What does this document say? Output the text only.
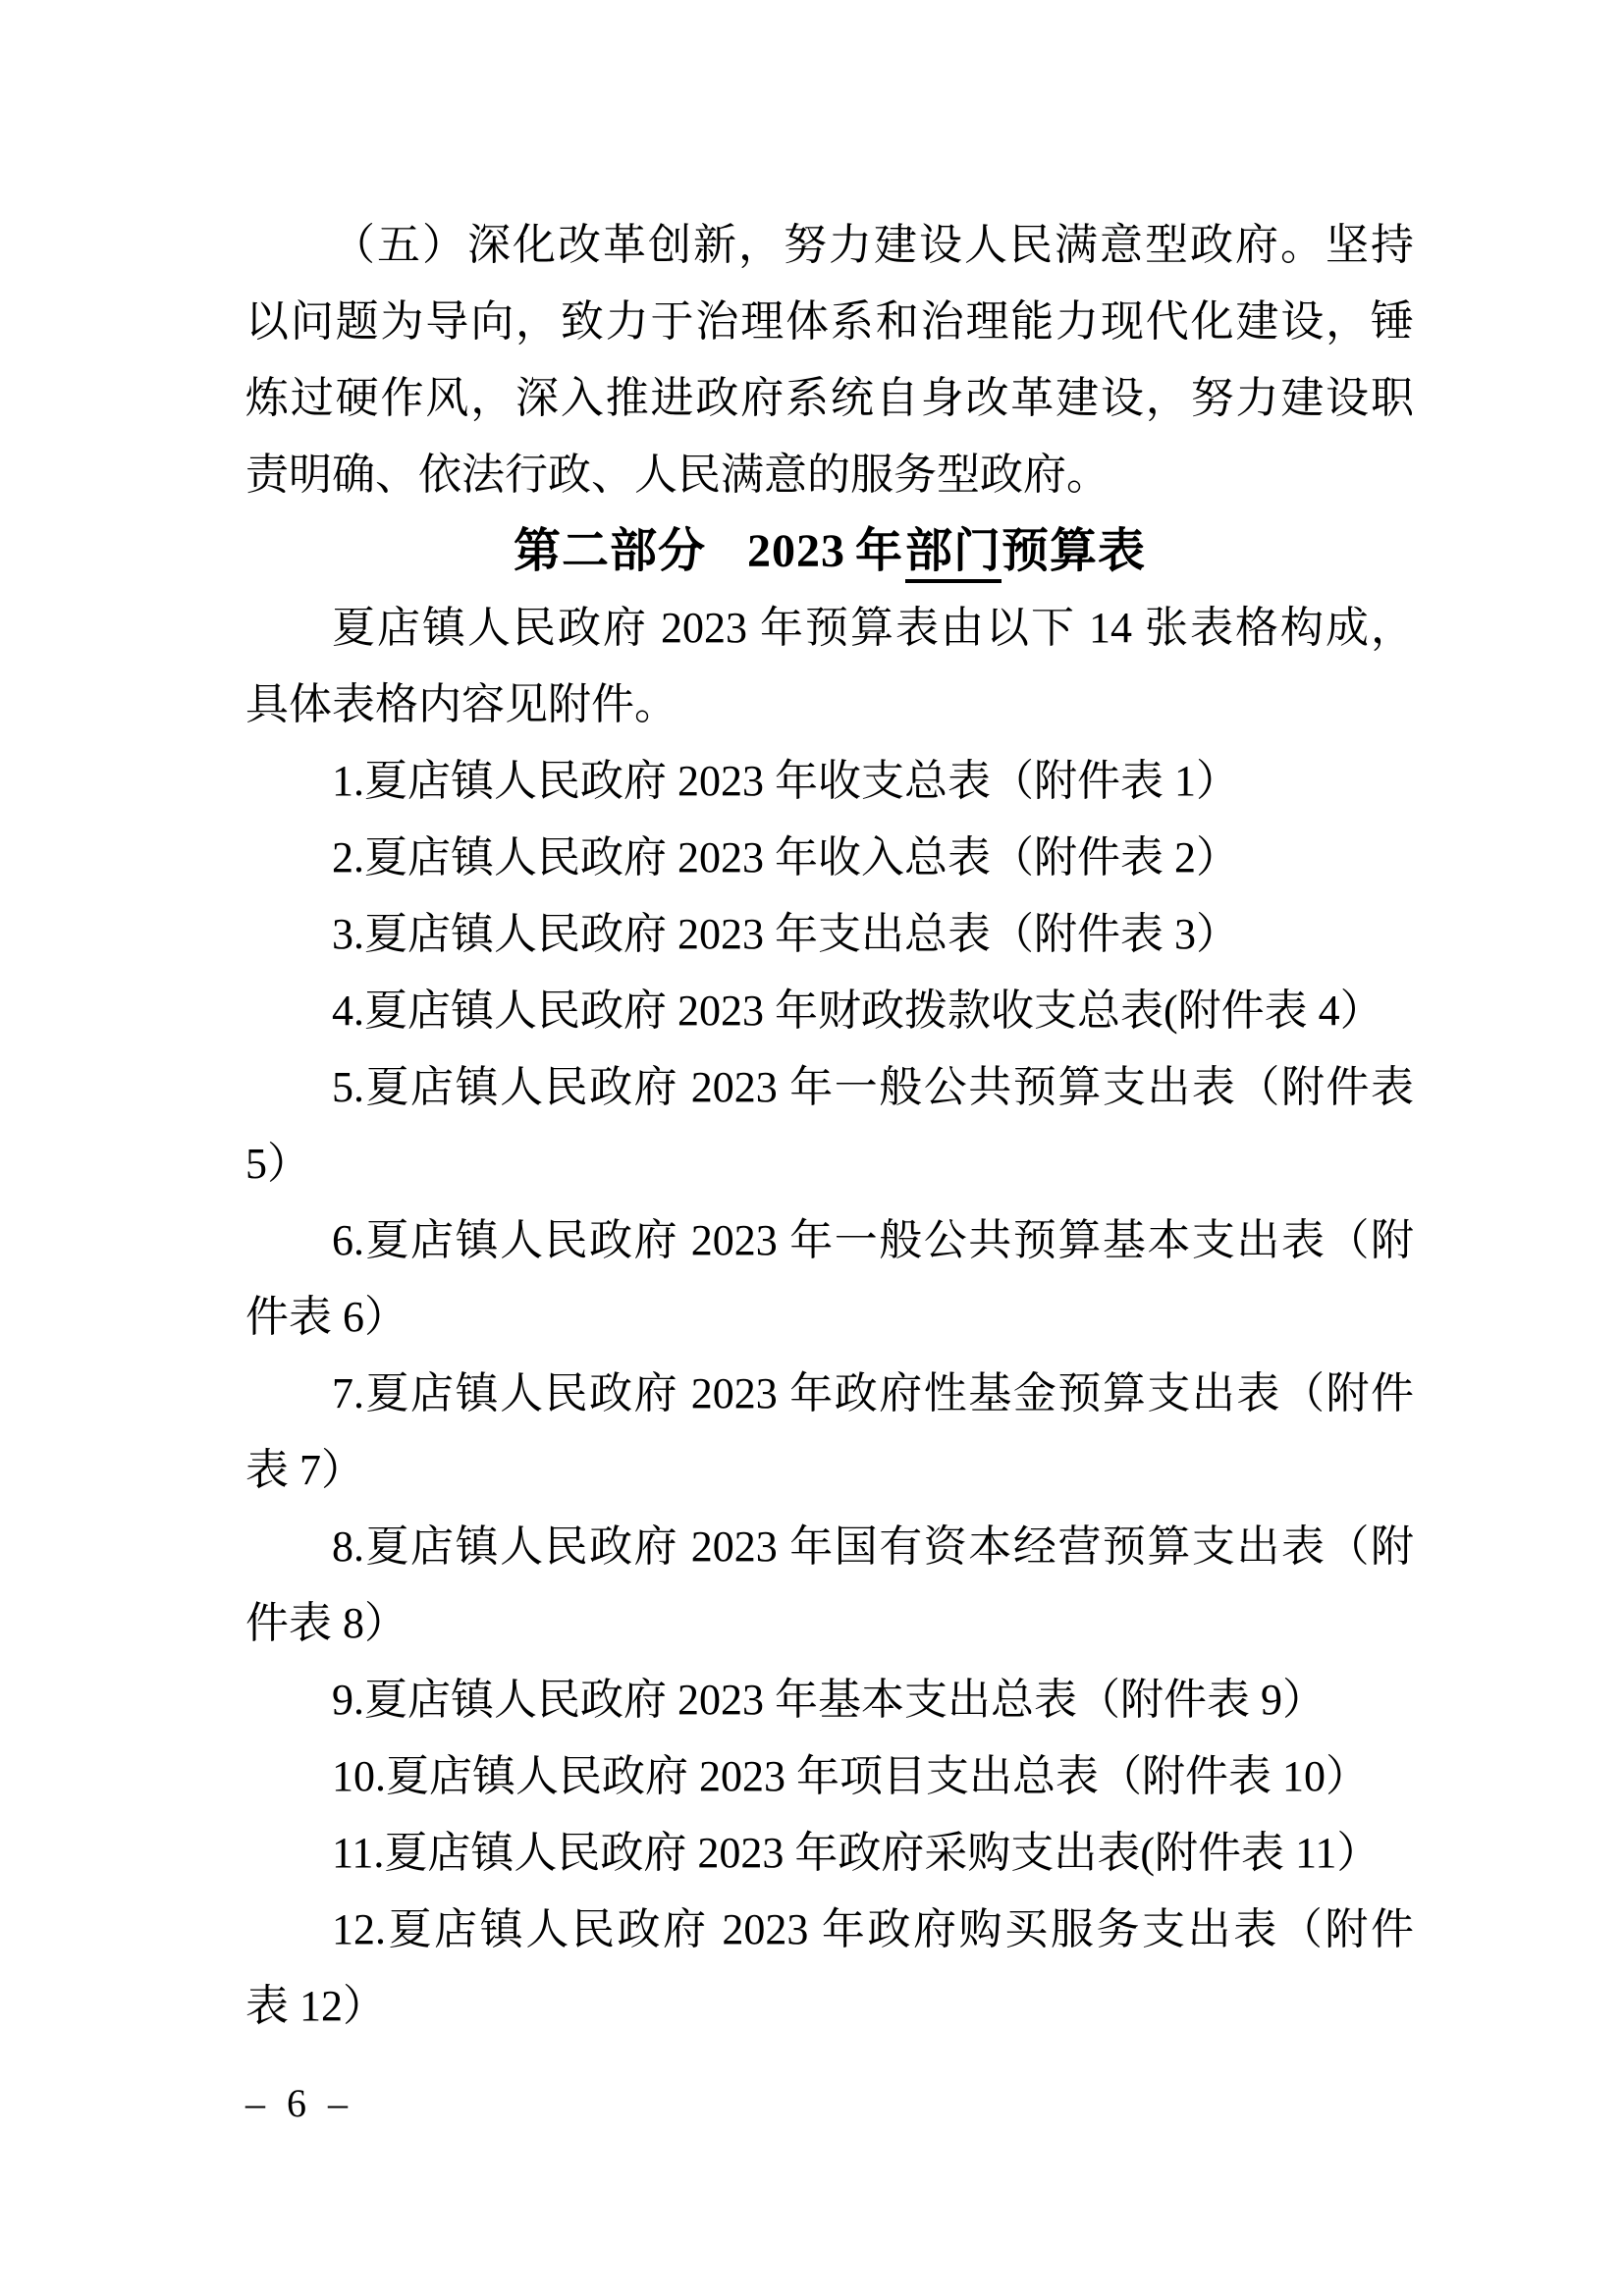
（五）深化改革创新，努力建设人民满意型政府。坚持
以问题为导向，致力于治理体系和治理能力现代化建设，锤
炼过硬作风，深入推进政府系统自身改革建设，努力建设职
责明确、依法行政、人民满意的服务型政府。
第二部分 2023 年部门预算表
夏店镇人民政府 2023 年预算表由以下 14 张表格构成，
具体表格内容见附件。
1.夏店镇人民政府 2023 年收支总表（附件表 1）
2.夏店镇人民政府 2023 年收入总表（附件表 2）
3.夏店镇人民政府 2023 年支出总表（附件表 3）
4.夏店镇人民政府 2023 年财政拨款收支总表(附件表 4）
5.夏店镇人民政府 2023 年一般公共预算支出表（附件表
5）
6.夏店镇人民政府 2023 年一般公共预算基本支出表（附
件表 6）
7.夏店镇人民政府 2023 年政府性基金预算支出表（附件
表 7）
8.夏店镇人民政府 2023 年国有资本经营预算支出表（附
件表 8）
9.夏店镇人民政府 2023 年基本支出总表（附件表 9）
10.夏店镇人民政府 2023 年项目支出总表（附件表 10）
11.夏店镇人民政府 2023 年政府采购支出表(附件表 11）
12.夏店镇人民政府 2023 年政府购买服务支出表（附件
表 12）
– 6 –
